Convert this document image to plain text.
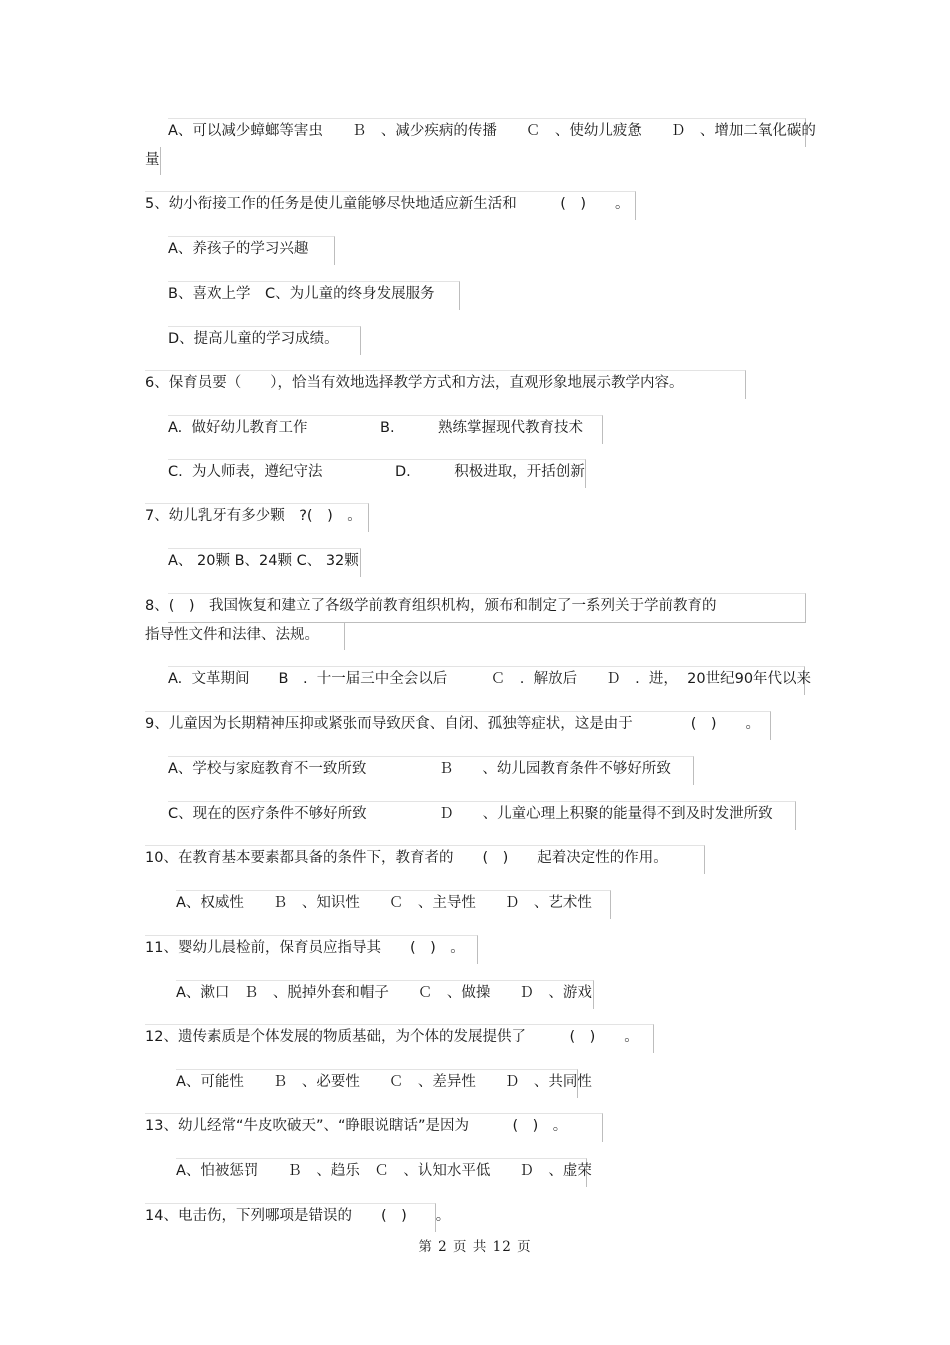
A、可以减少蟑螂等害虫　　Ｂ　、减少疾病的传播　　Ｃ　、使幼儿疲惫　　Ｄ　、增加二氧化碳的
量
5、幼小衔接工作的任务是使儿童能够尽快地适应新生活和　　　(　)　　。
A、养孩子的学习兴趣
B、喜欢上学　C、为儿童的终身发展服务
D、提高儿童的学习成绩。
6、保育员要（　　），恰当有效地选择教学方式和方法，直观形象地展示教学内容。
A.  做好幼儿教育工作　　　　　B.　　　熟练掌握现代教育技术
C.  为人师表，遵纪守法　　　　　D.　　　积极进取，开括创新
7、幼儿乳牙有多少颗　?(　)　。
A、 20颗 B、24颗 C、 32颗
8、(　)　我国恢复和建立了各级学前教育组织机构，颁布和制定了一系列关于学前教育的
指导性文件和法律、法规。
A.  文革期间　　B　.  十一届三中全会以后　　　Ｃ　.  解放后　　Ｄ　.  进，  20世纪90年代以来
9、儿童因为长期精神压抑或紧张而导致厌食、自闭、孤独等症状，这是由于　　　　(　)　　。
A、学校与家庭教育不一致所致　　　　　Ｂ　　、幼儿园教育条件不够好所致
C、现在的医疗条件不够好所致　　　　　Ｄ　　、儿童心理上积聚的能量得不到及时发泄所致
10、在教育基本要素都具备的条件下，教育者的　　(　)　　起着决定性的作用。
A、权威性　　Ｂ　、知识性　　Ｃ　、主导性　　Ｄ　、艺术性
11、婴幼儿晨检前，保育员应指导其　　(　)　。
A、漱口　Ｂ　、脱掉外套和帽子　　Ｃ　、做操　　Ｄ　、游戏
12、遗传素质是个体发展的物质基础，为个体的发展提供了　　　(　)　　。
A、可能性　　Ｂ　、必要性　　Ｃ　、差异性　　Ｄ　、共同性
13、幼儿经常“牛皮吹破天”、“睁眼说瞎话”是因为　　　(　)　。
A、怕被惩罚　　Ｂ　、趋乐　Ｃ　、认知水平低　　Ｄ　、虚荣
14、电击伤，下列哪项是错误的　　(　)　　。
第 2 页 共 12 页
